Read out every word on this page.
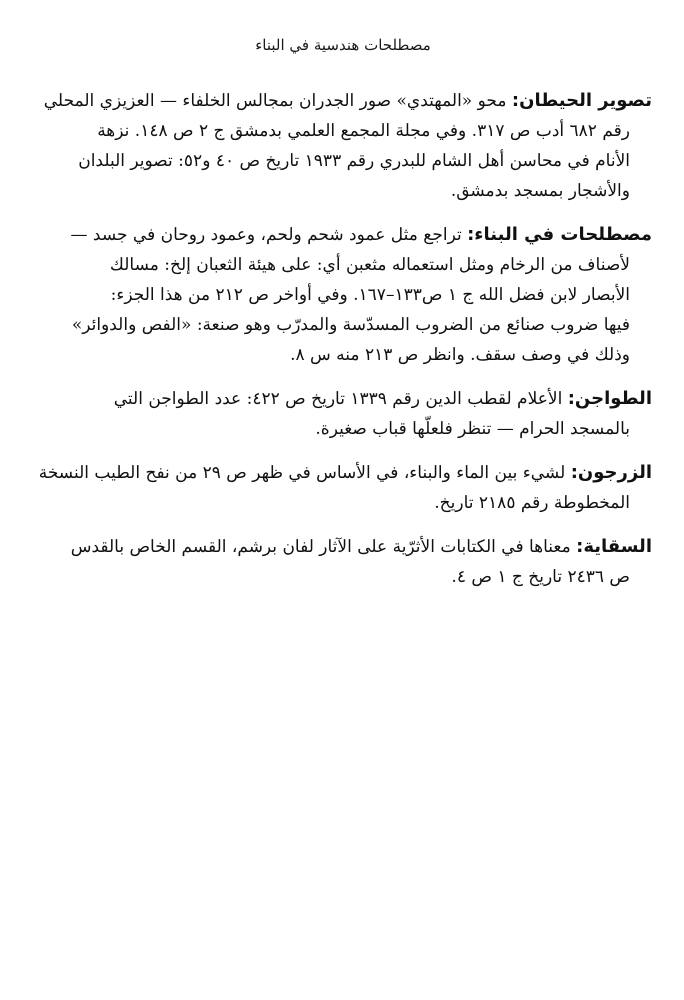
مصطلحات هندسية في البناء
تصوير الحيطان: محو «المهتدي» صور الجدران بمجالس الخلفاء — العزيزي المحلي
رقم ٦٨٢ أدب ص ٣١٧. وفي مجلة المجمع العلمي بدمشق ج ٢ ص ١٤٨. نزهة
الأنام في محاسن أهل الشام للبدري رقم ١٩٣٣ تاريخ ص ٤٠ و٥٢: تصوير البلدان
والأشجار بمسجد بدمشق.
مصطلحات في البناء: تراجع مثل عمود شحم ولحم، وعمود روحان في جسد —
لأصناف من الرخام ومثل استعماله مثعبن أي: على هيئة الثعبان إلخ: مسالك
الأبصار لابن فضل الله ج ١ ص١٣٣–١٦٧. وفي أواخر ص ٢١٢ من هذا الجزء:
فيها ضروب صنائع من الضروب المسدّسة والمدرّب وهو صنعة: «الفص والدوائر»
وذلك في وصف سقف. وانظر ص ٢١٣ منه س ٨.
الطواجن: الأعلام لقطب الدين رقم ١٣٣٩ تاريخ ص ٤٢٢: عدد الطواجن التي
بالمسجد الحرام — تنظر فلعلّها قباب صغيرة.
الزرجون: لشيء بين الماء والبناء، في الأساس في ظهر ص ٢٩ من نفح الطيب النسخة
المخطوطة رقم ٢١٨٥ تاريخ.
السقاية: معناها في الكتابات الأثرّية على الآثار لفان برشم، القسم الخاص بالقدس
ص ٢٤٣٦ تاريخ ج ١ ص ٤.
